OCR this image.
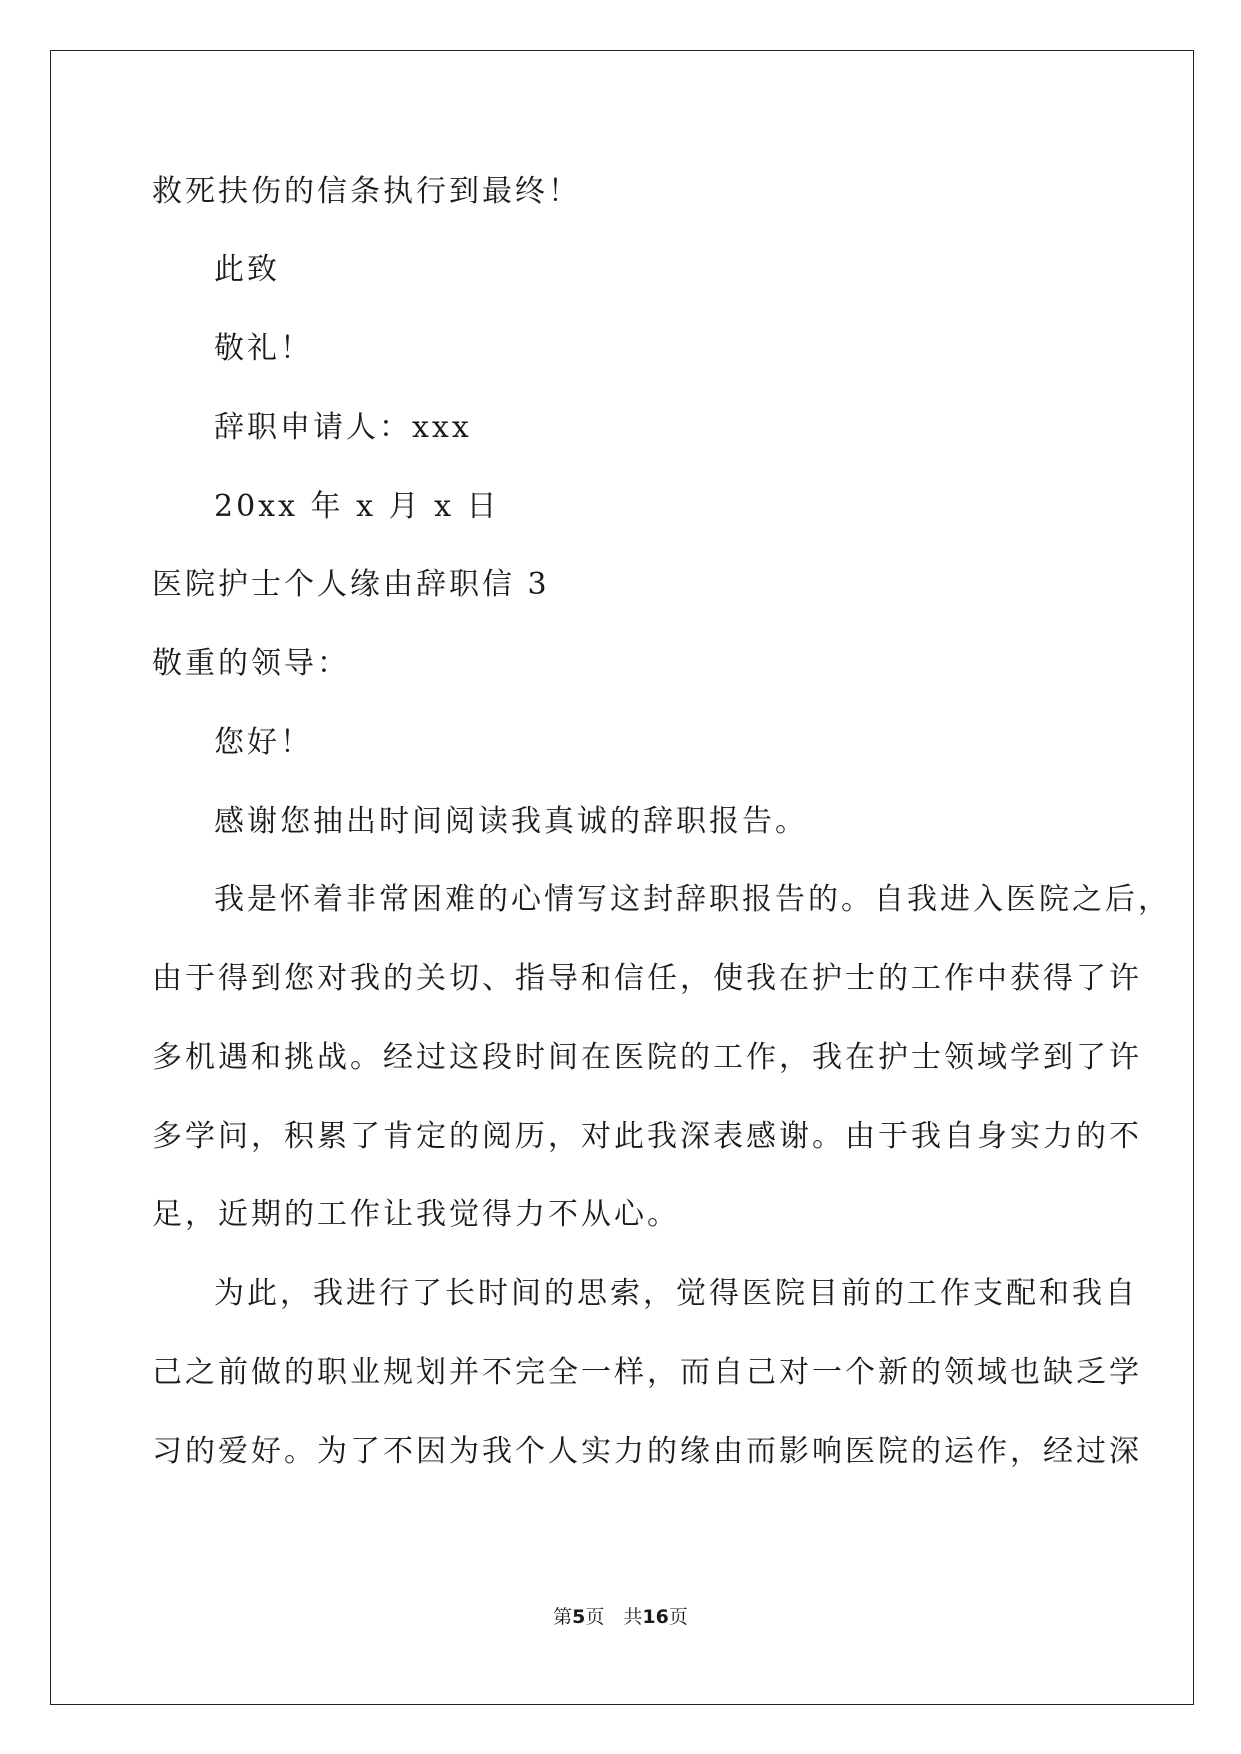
救死扶伤的信条执行到最终！
此致
敬礼！
辞职申请人：xxx
20xx 年 x 月 x 日
医院护士个人缘由辞职信 3
敬重的领导：
您好！
感谢您抽出时间阅读我真诚的辞职报告。
我是怀着非常困难的心情写这封辞职报告的。自我进入医院之后，
由于得到您对我的关切、指导和信任，使我在护士的工作中获得了许
多机遇和挑战。经过这段时间在医院的工作，我在护士领域学到了许
多学问，积累了肯定的阅历，对此我深表感谢。由于我自身实力的不
足，近期的工作让我觉得力不从心。
为此，我进行了长时间的思索，觉得医院目前的工作支配和我自
己之前做的职业规划并不完全一样，而自己对一个新的领域也缺乏学
习的爱好。为了不因为我个人实力的缘由而影响医院的运作，经过深
第5页　共16页
